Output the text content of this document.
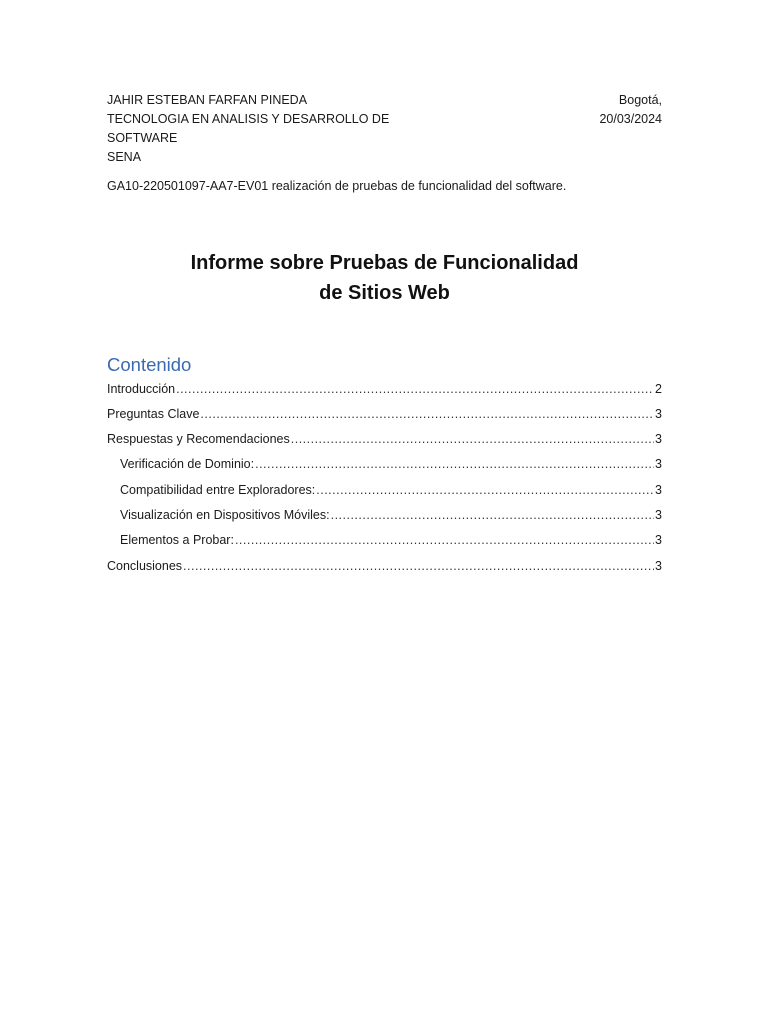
JAHIR ESTEBAN FARFAN PINEDA
TECNOLOGIA EN ANALISIS Y DESARROLLO DE
SOFTWARE
SENA
Bogotá,
20/03/2024
GA10-220501097-AA7-EV01 realización de pruebas de funcionalidad del software.
Informe sobre Pruebas de Funcionalidad
de Sitios Web
Contenido
Introducción .....	2
Preguntas Clave .....	3
Respuestas y Recomendaciones .....	3
Verificación de Dominio: .....	3
Compatibilidad entre Exploradores: .....	3
Visualización en Dispositivos Móviles: .....	3
Elementos a Probar: .....	3
Conclusiones .....	3
